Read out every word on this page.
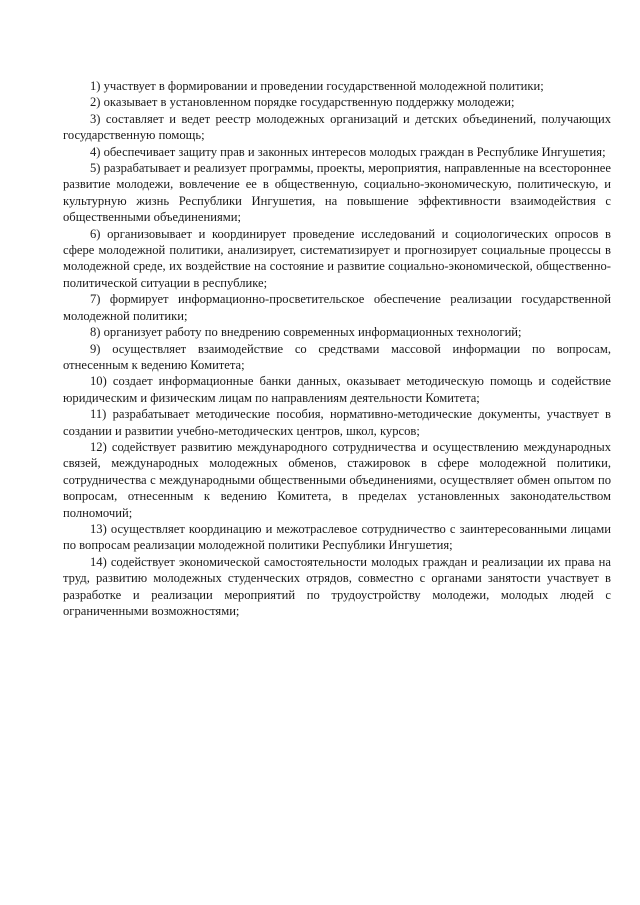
1) участвует в формировании и проведении государственной молодежной политики;

2) оказывает в установленном порядке государственную поддержку молодежи;

3) составляет и ведет реестр молодежных организаций и детских объединений, получающих государственную помощь;

4) обеспечивает защиту прав и законных интересов молодых граждан в Республике Ингушетия;

5) разрабатывает и реализует программы, проекты, мероприятия, направленные на всестороннее развитие молодежи, вовлечение ее в общественную, социально-экономическую, политическую, и культурную жизнь Республики Ингушетия, на повышение эффективности взаимодействия с общественными объединениями;

6) организовывает и координирует проведение исследований и социологических опросов в сфере молодежной политики, анализирует, систематизирует и прогнозирует социальные процессы в молодежной среде, их воздействие на состояние и развитие социально-экономической, общественно-политической ситуации в республике;

7) формирует информационно-просветительское обеспечение реализации государственной молодежной политики;

8) организует работу по внедрению современных информационных технологий;

9) осуществляет взаимодействие со средствами массовой информации по вопросам, отнесенным к ведению Комитета;

10) создает информационные банки данных, оказывает методическую помощь и содействие юридическим и физическим лицам по направлениям деятельности Комитета;

11) разрабатывает методические пособия, нормативно-методические документы, участвует в создании и развитии учебно-методических центров, школ, курсов;

12) содействует развитию международного сотрудничества и осуществлению международных связей, международных молодежных обменов, стажировок в сфере молодежной политики, сотрудничества с международными общественными объединениями, осуществляет обмен опытом по вопросам, отнесенным к ведению Комитета, в пределах установленных законодательством полномочий;

13) осуществляет координацию и межотраслевое сотрудничество с заинтересованными лицами по вопросам реализации молодежной политики Республики Ингушетия;

14) содействует экономической самостоятельности молодых граждан и реализации их права на труд, развитию молодежных студенческих отрядов, совместно с органами занятости участвует в разработке и реализации мероприятий по трудоустройству молодежи, молодых людей с ограниченными возможностями;
